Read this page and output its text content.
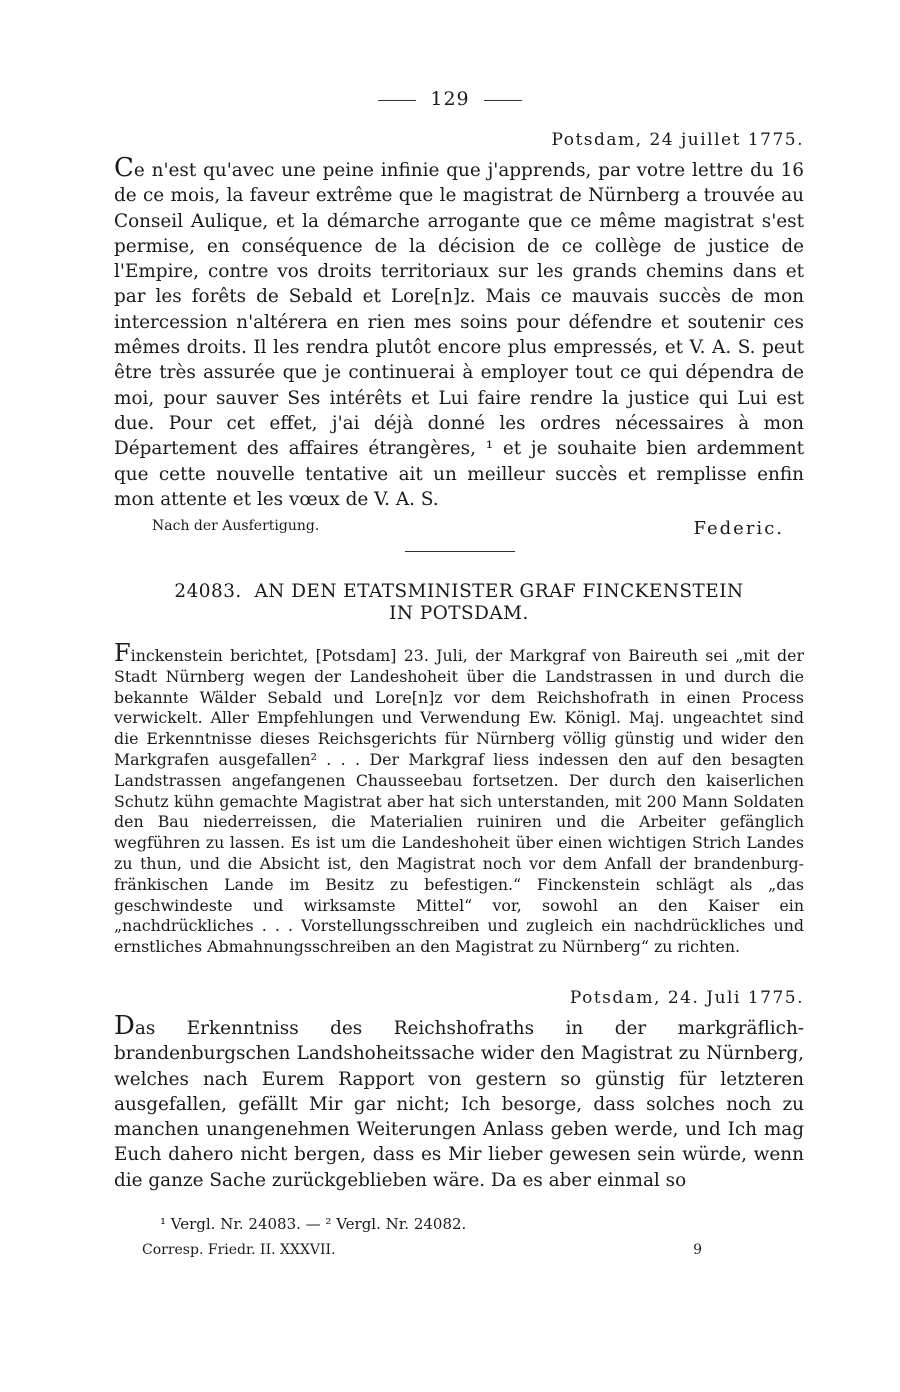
129
Potsdam, 24 juillet 1775.

Ce n'est qu'avec une peine infinie que j'apprends, par votre lettre du 16 de ce mois, la faveur extrême que le magistrat de Nürnberg a trouvée au Conseil Aulique, et la démarche arrogante que ce même magistrat s'est permise, en conséquence de la décision de ce collège de justice de l'Empire, contre vos droits territoriaux sur les grands chemins dans et par les forêts de Sebald et Lore[n]z. Mais ce mauvais succès de mon intercession n'altérera en rien mes soins pour défendre et soutenir ces mêmes droits. Il les rendra plutôt encore plus empressés, et V. A. S. peut être très assurée que je continuerai à employer tout ce qui dépendra de moi, pour sauver Ses intérêts et Lui faire rendre la justice qui Lui est due. Pour cet effet, j'ai déjà donné les ordres nécessaires à mon Département des affaires étrangères, ¹ et je souhaite bien ardemment que cette nouvelle tentative ait un meilleur succès et remplisse enfin mon attente et les vœux de V. A. S.

Nach der Ausfertigung.	Federic.
24083. AN DEN ETATSMINISTER GRAF FINCKENSTEIN
IN POTSDAM.
Finckenstein berichtet, [Potsdam] 23. Juli, der Markgraf von Baireuth sei „mit der Stadt Nürnberg wegen der Landeshoheit über die Landstrassen in und durch die bekannte Wälder Sebald und Lore[n]z vor dem Reichshofrath in einen Process verwickelt. Aller Empfehlungen und Verwendung Ew. Königl. Maj. ungeachtet sind die Erkenntnisse dieses Reichsgerichts für Nürnberg völlig günstig und wider den Markgrafen ausgefallen² . . . Der Markgraf liess indessen den auf den besagten Landstrassen angefangenen Chausseebau fortsetzen. Der durch den kaiserlichen Schutz kühn gemachte Magistrat aber hat sich unterstanden, mit 200 Mann Soldaten den Bau niederreissen, die Materialien ruiniren und die Arbeiter gefänglich wegführen zu lassen. Es ist um die Landeshoheit über einen wichtigen Strich Landes zu thun, und die Absicht ist, den Magistrat noch vor dem Anfall der brandenburg-fränkischen Lande im Besitz zu befestigen.“ Finckenstein schlägt als „das geschwindeste und wirksamste Mittel“ vor, sowohl an den Kaiser ein „nachdrückliches . . . Vorstellungsschreiben und zugleich ein nachdrückliches und ernstliches Abmahnungsschreiben an den Magistrat zu Nürnberg“ zu richten.
Potsdam, 24. Juli 1775.

Das Erkenntniss des Reichshofraths in der markgräflich-brandenburgschen Landshoheitssache wider den Magistrat zu Nürnberg, welches nach Eurem Rapport von gestern so günstig für letzteren ausgefallen, gefällt Mir gar nicht; Ich besorge, dass solches noch zu manchen unangenehmen Weiterungen Anlass geben werde, und Ich mag Euch dahero nicht bergen, dass es Mir lieber gewesen sein würde, wenn die ganze Sache zurückgeblieben wäre. Da es aber einmal so

¹ Vergl. Nr. 24083. — ² Vergl. Nr. 24082.
Corresp. Friedr. II. XXXVII.	9
